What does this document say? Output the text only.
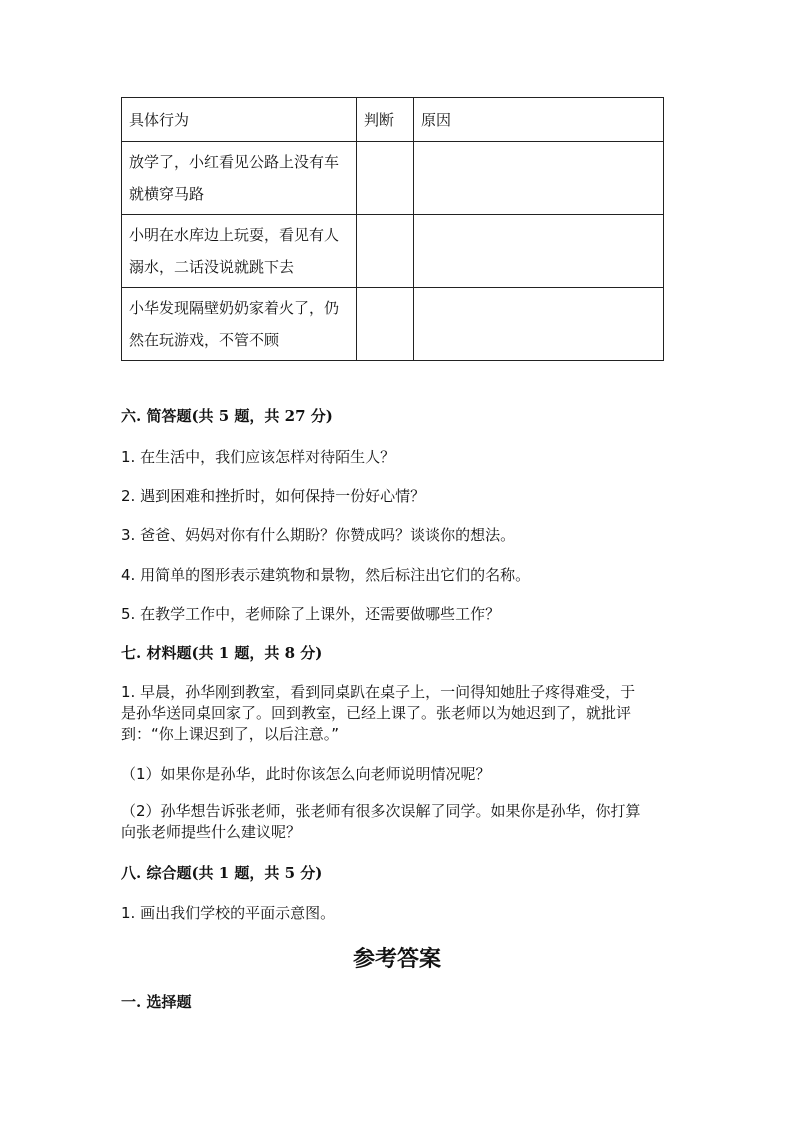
具体行为	判断	原因

放学了，小红看见公路上没有车
就横穿马路		

小明在水库边上玩耍，看见有人
溺水，二话没说就跳下去		

小华发现隔壁奶奶家着火了，仍
然在玩游戏，不管不顾		

六. 简答题(共 5 题，共 27 分)
1. 在生活中，我们应该怎样对待陌生人？
2. 遇到困难和挫折时，如何保持一份好心情？
3. 爸爸、妈妈对你有什么期盼？你赞成吗？谈谈你的想法。
4. 用简单的图形表示建筑物和景物，然后标注出它们的名称。
5. 在教学工作中，老师除了上课外，还需要做哪些工作？
七. 材料题(共 1 题，共 8 分)
1. 早晨，孙华刚到教室，看到同桌趴在桌子上，一问得知她肚子疼得难受，于
是孙华送同桌回家了。回到教室，已经上课了。张老师以为她迟到了，就批评
到：“你上课迟到了，以后注意。”
（1）如果你是孙华，此时你该怎么向老师说明情况呢？
（2）孙华想告诉张老师，张老师有很多次误解了同学。如果你是孙华，你打算
向张老师提些什么建议呢？
八. 综合题(共 1 题，共 5 分)
1. 画出我们学校的平面示意图。
参考答案
一. 选择题
